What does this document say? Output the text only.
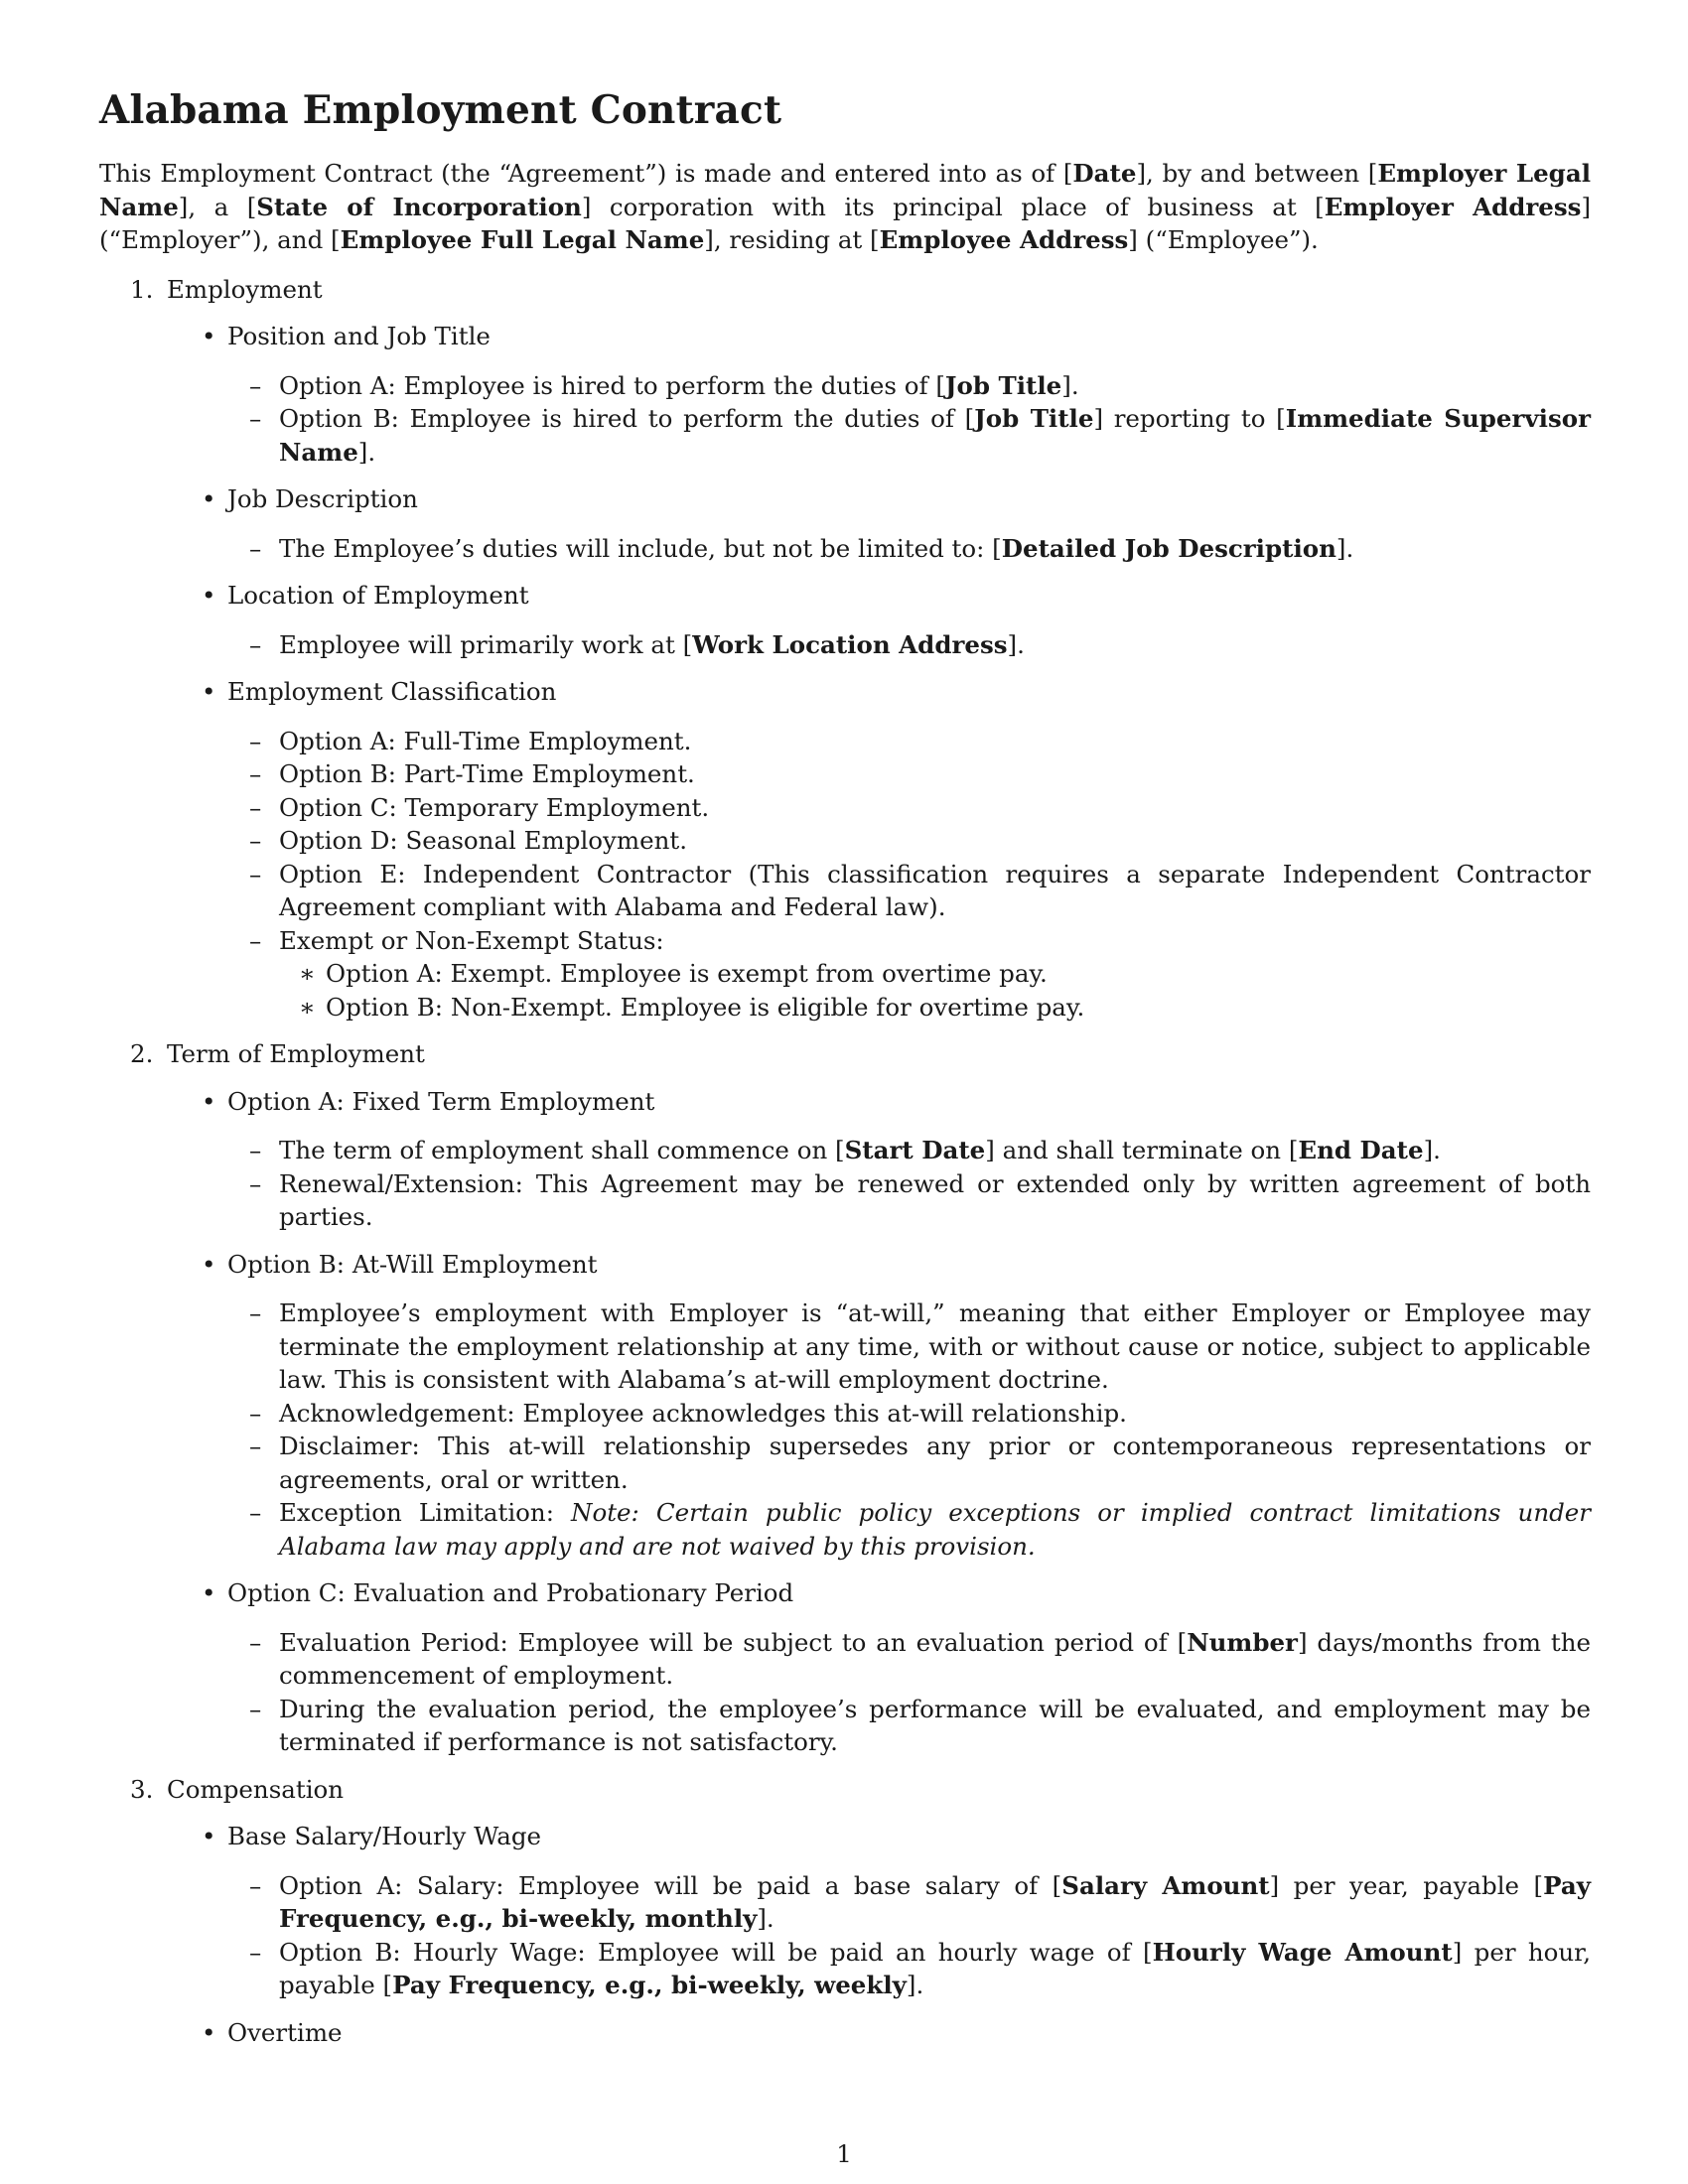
Alabama Employment Contract

This Employment Contract (the “Agreement”) is made and entered into as of [Date], by and between [Employer Legal Name], a [State of Incorporation] corporation with its principal place of business at [Employer Address] (“Employer”), and [Employee Full Legal Name], residing at [Employee Address] (“Employee”).

1. Employment
• Position and Job Title
– Option A: Employee is hired to perform the duties of [Job Title].
– Option B: Employee is hired to perform the duties of [Job Title] reporting to [Immediate Supervisor Name].
• Job Description
– The Employee’s duties will include, but not be limited to: [Detailed Job Description].
• Location of Employment
– Employee will primarily work at [Work Location Address].
• Employment Classification
– Option A: Full-Time Employment.
– Option B: Part-Time Employment.
– Option C: Temporary Employment.
– Option D: Seasonal Employment.
– Option E: Independent Contractor (This classification requires a separate Independent Contractor Agreement compliant with Alabama and Federal law).
– Exempt or Non-Exempt Status:
∗ Option A: Exempt. Employee is exempt from overtime pay.
∗ Option B: Non-Exempt. Employee is eligible for overtime pay.
2. Term of Employment
• Option A: Fixed Term Employment
– The term of employment shall commence on [Start Date] and shall terminate on [End Date].
– Renewal/Extension: This Agreement may be renewed or extended only by written agreement of both parties.
• Option B: At-Will Employment
– Employee’s employment with Employer is “at-will,” meaning that either Employer or Employee may terminate the employment relationship at any time, with or without cause or notice, subject to applicable law. This is consistent with Alabama’s at-will employment doctrine.
– Acknowledgement: Employee acknowledges this at-will relationship.
– Disclaimer: This at-will relationship supersedes any prior or contemporaneous representations or agreements, oral or written.
– Exception Limitation: Note: Certain public policy exceptions or implied contract limitations under Alabama law may apply and are not waived by this provision.
• Option C: Evaluation and Probationary Period
– Evaluation Period: Employee will be subject to an evaluation period of [Number] days/months from the commencement of employment.
– During the evaluation period, the employee’s performance will be evaluated, and employment may be terminated if performance is not satisfactory.
3. Compensation
• Base Salary/Hourly Wage
– Option A: Salary: Employee will be paid a base salary of [Salary Amount] per year, payable [Pay Frequency, e.g., bi-weekly, monthly].
– Option B: Hourly Wage: Employee will be paid an hourly wage of [Hourly Wage Amount] per hour, payable [Pay Frequency, e.g., bi-weekly, weekly].
• Overtime
1
